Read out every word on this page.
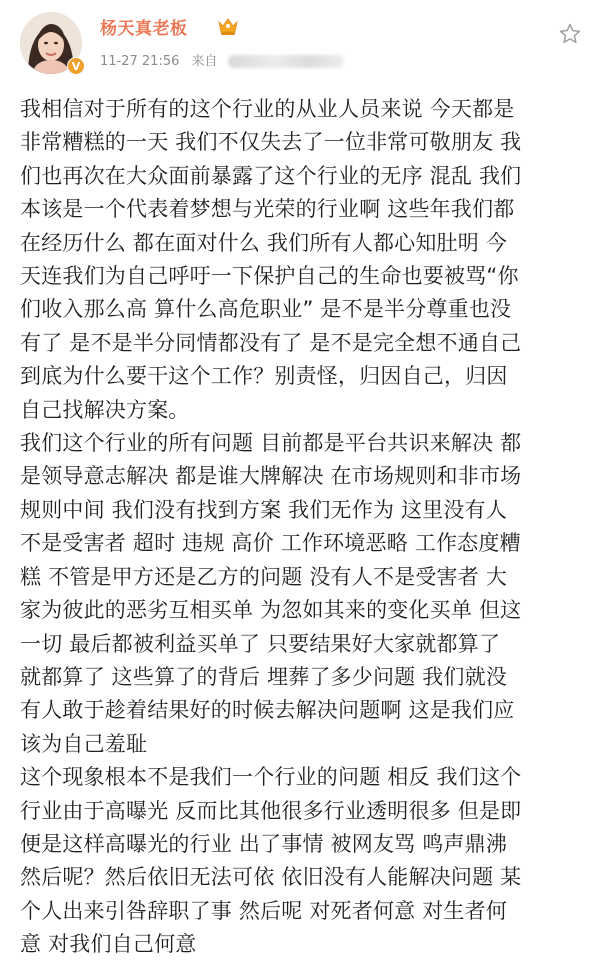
V
杨天真老板
11-27 21:56 来自

我相信对于所有的这个行业的从业人员来说 今天都是
非常糟糕的一天 我们不仅失去了一位非常可敬朋友 我
们也再次在大众面前暴露了这个行业的无序 混乱 我们
本该是一个代表着梦想与光荣的行业啊 这些年我们都
在经历什么 都在面对什么 我们所有人都心知肚明 今
天连我们为自己呼吁一下保护自己的生命也要被骂“你
们收入那么高 算什么高危职业” 是不是半分尊重也没
有了 是不是半分同情都没有了 是不是完全想不通自己
到底为什么要干这个工作？别责怪，归因自己，归因
自己找解决方案。

我们这个行业的所有问题 目前都是平台共识来解决 都
是领导意志解决 都是谁大牌解决 在市场规则和非市场
规则中间 我们没有找到方案 我们无作为 这里没有人
不是受害者 超时 违规 高价 工作环境恶略 工作态度糟
糕 不管是甲方还是乙方的问题 没有人不是受害者 大
家为彼此的恶劣互相买单 为忽如其来的变化买单 但这
一切 最后都被利益买单了 只要结果好大家就都算了
就都算了 这些算了的背后 埋葬了多少问题 我们就没
有人敢于趁着结果好的时候去解决问题啊 这是我们应
该为自己羞耻

这个现象根本不是我们一个行业的问题 相反 我们这个
行业由于高曝光 反而比其他很多行业透明很多 但是即
便是这样高曝光的行业 出了事情 被网友骂 鸣声鼎沸
然后呢？然后依旧无法可依 依旧没有人能解决问题 某
个人出来引咎辞职了事 然后呢 对死者何意 对生者何
意 对我们自己何意
